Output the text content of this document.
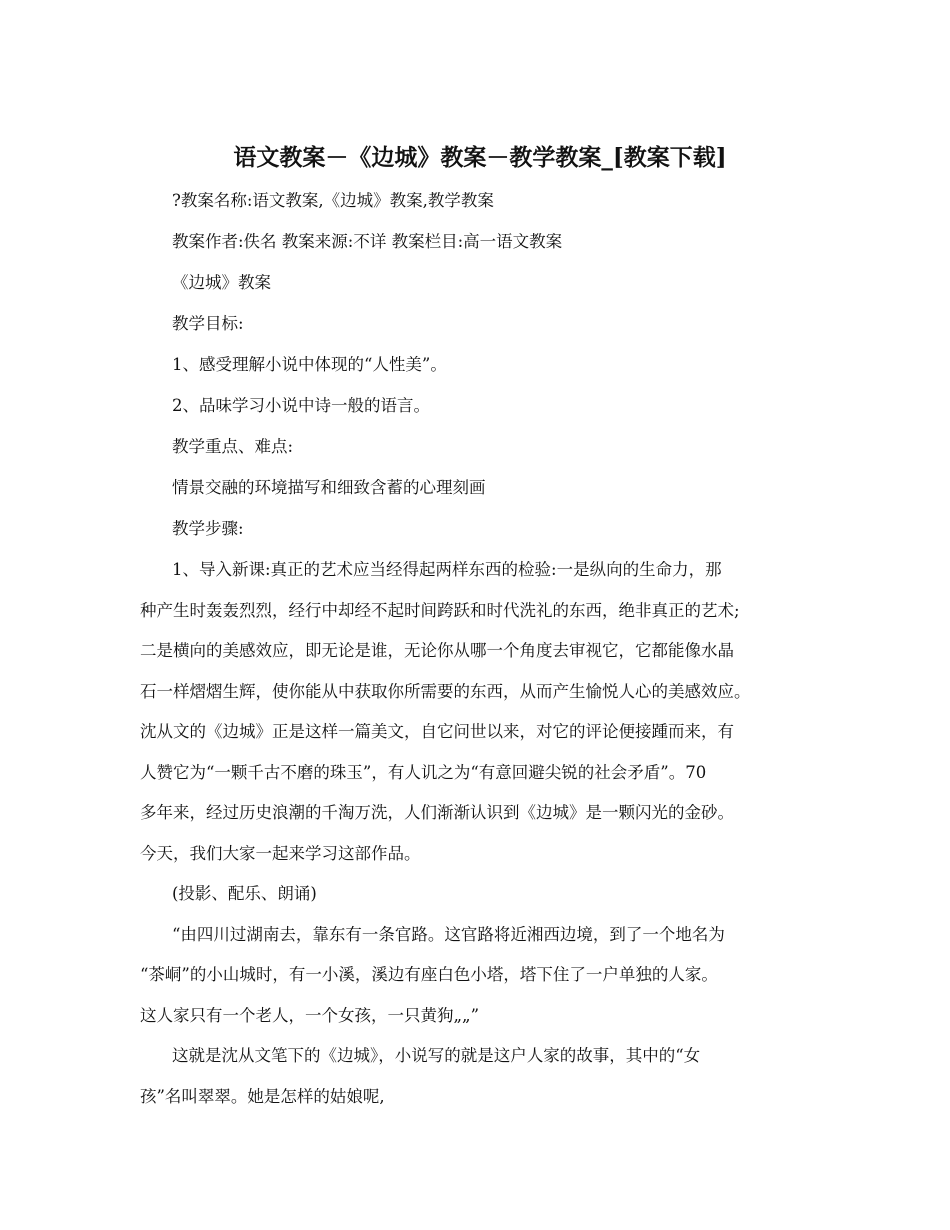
语文教案－《边城》教案－教学教案_[教案下载]
?教案名称:语文教案,《边城》教案,教学教案
教案作者:佚名 教案来源:不详 教案栏目:高一语文教案
《边城》教案
教学目标:
1、感受理解小说中体现的“人性美”。
2、品味学习小说中诗一般的语言。
教学重点、难点:
情景交融的环境描写和细致含蓄的心理刻画
教学步骤:
1、导入新课:真正的艺术应当经得起两样东西的检验:一是纵向的生命力，那
种产生时轰轰烈烈，经行中却经不起时间跨跃和时代洗礼的东西，绝非真正的艺术;
二是横向的美感效应，即无论是谁，无论你从哪一个角度去审视它，它都能像水晶
石一样熠熠生辉，使你能从中获取你所需要的东西，从而产生愉悦人心的美感效应。
沈从文的《边城》正是这样一篇美文，自它问世以来，对它的评论便接踵而来，有
人赞它为“一颗千古不磨的珠玉”，有人讥之为“有意回避尖锐的社会矛盾”。70
多年来，经过历史浪潮的千淘万洗，人们渐渐认识到《边城》是一颗闪光的金砂。
今天，我们大家一起来学习这部作品。
(投影、配乐、朗诵)
“由四川过湖南去，靠东有一条官路。这官路将近湘西边境，到了一个地名为
“茶峒”的小山城时，有一小溪，溪边有座白色小塔，塔下住了一户单独的人家。
这人家只有一个老人，一个女孩，一只黄狗„„”
这就是沈从文笔下的《边城》，小说写的就是这户人家的故事，其中的“女
孩”名叫翠翠。她是怎样的姑娘呢,
